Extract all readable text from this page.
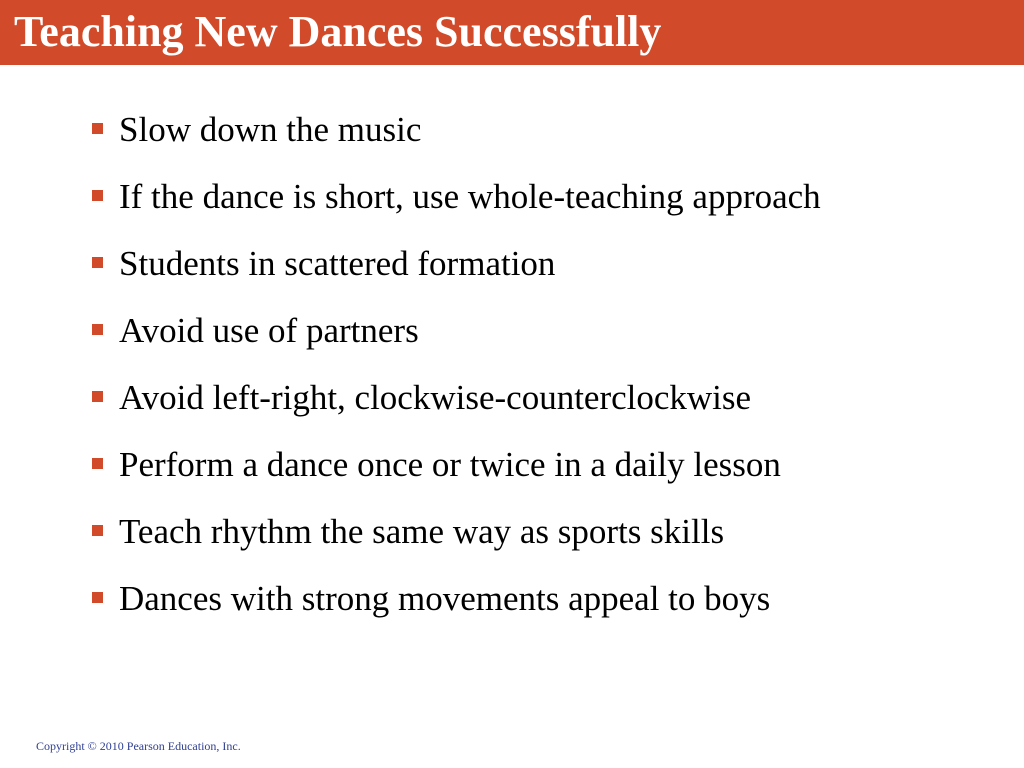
Teaching New Dances Successfully
Slow down the music
If the dance is short, use whole-teaching approach
Students in scattered formation
Avoid use of partners
Avoid left-right, clockwise-counterclockwise
Perform a dance once or twice in a daily lesson
Teach rhythm the same way as sports skills
Dances with strong movements appeal to boys
Copyright © 2010 Pearson Education, Inc.
